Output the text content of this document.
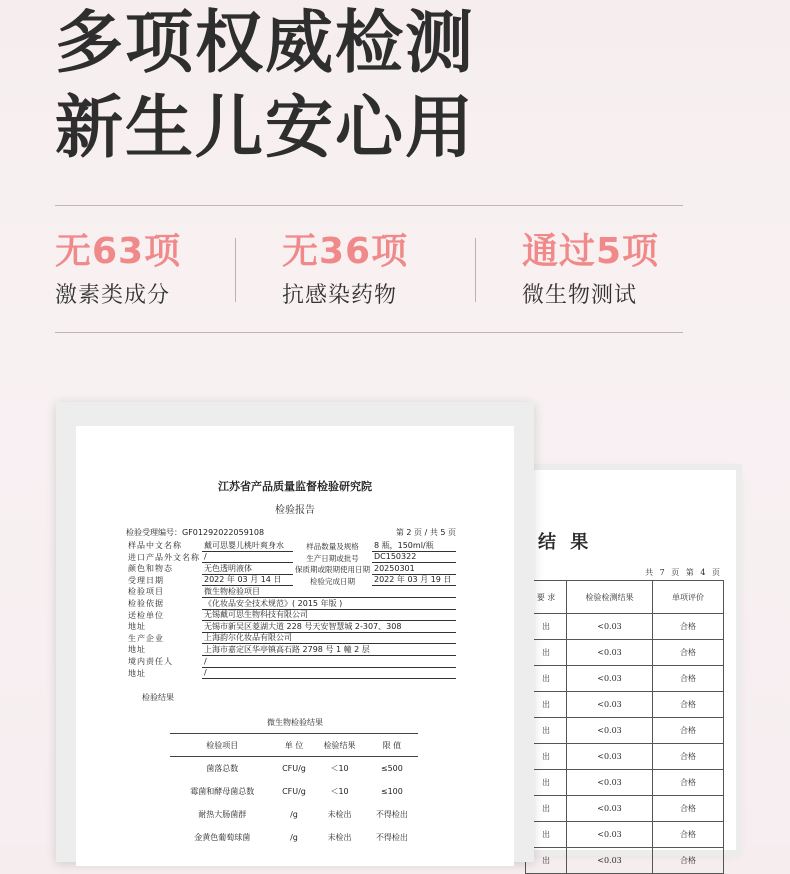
多项权威检测
新生儿安心用
无63项
激素类成分
无36项
抗感染药物
通过5项
微生物测试
结 果
共 7 页 第 4 页
要 求	检验检测结果	单项评价
出	<0.03	合格
出	<0.03	合格
出	<0.03	合格
出	<0.03	合格
出	<0.03	合格
出	<0.03	合格
出	<0.03	合格
出	<0.03	合格
出	<0.03	合格
出	<0.03	合格
江苏省产品质量监督检验研究院
检验报告
检验受理编号：GF01292022059108	第 2 页 / 共 5 页
样品中文名称	戴可思婴儿桃叶爽身水	样品数量及规格	8 瓶，150ml/瓶
进口产品外文名称	/	生产日期或批号	DC150322
颜色和物态	无色透明液体	保质期或限期使用日期	20250301
受理日期	2022 年 03 月 14 日	检验完成日期	2022 年 03 月 19 日
检验项目	微生物检验项目		
检验依据	《化妆品安全技术规范》( 2015 年版 )		
送检单位	无锡戴可思生物科技有限公司		
地址	无锡市新吴区菱湖大道 228 号天安智慧城 2-307、308		
生产企业	上海韵尔化妆品有限公司		
地址	上海市嘉定区华亭镇高石路 2798 号 1 幢 2 层		
境内责任人	/		
地址	/		
检验结果
微生物检验结果
检验项目	单 位	检验结果	限 值
菌落总数	CFU/g	＜10	≤500
霉菌和酵母菌总数	CFU/g	＜10	≤100
耐热大肠菌群	/g	未检出	不得检出
金黄色葡萄球菌	/g	未检出	不得检出
